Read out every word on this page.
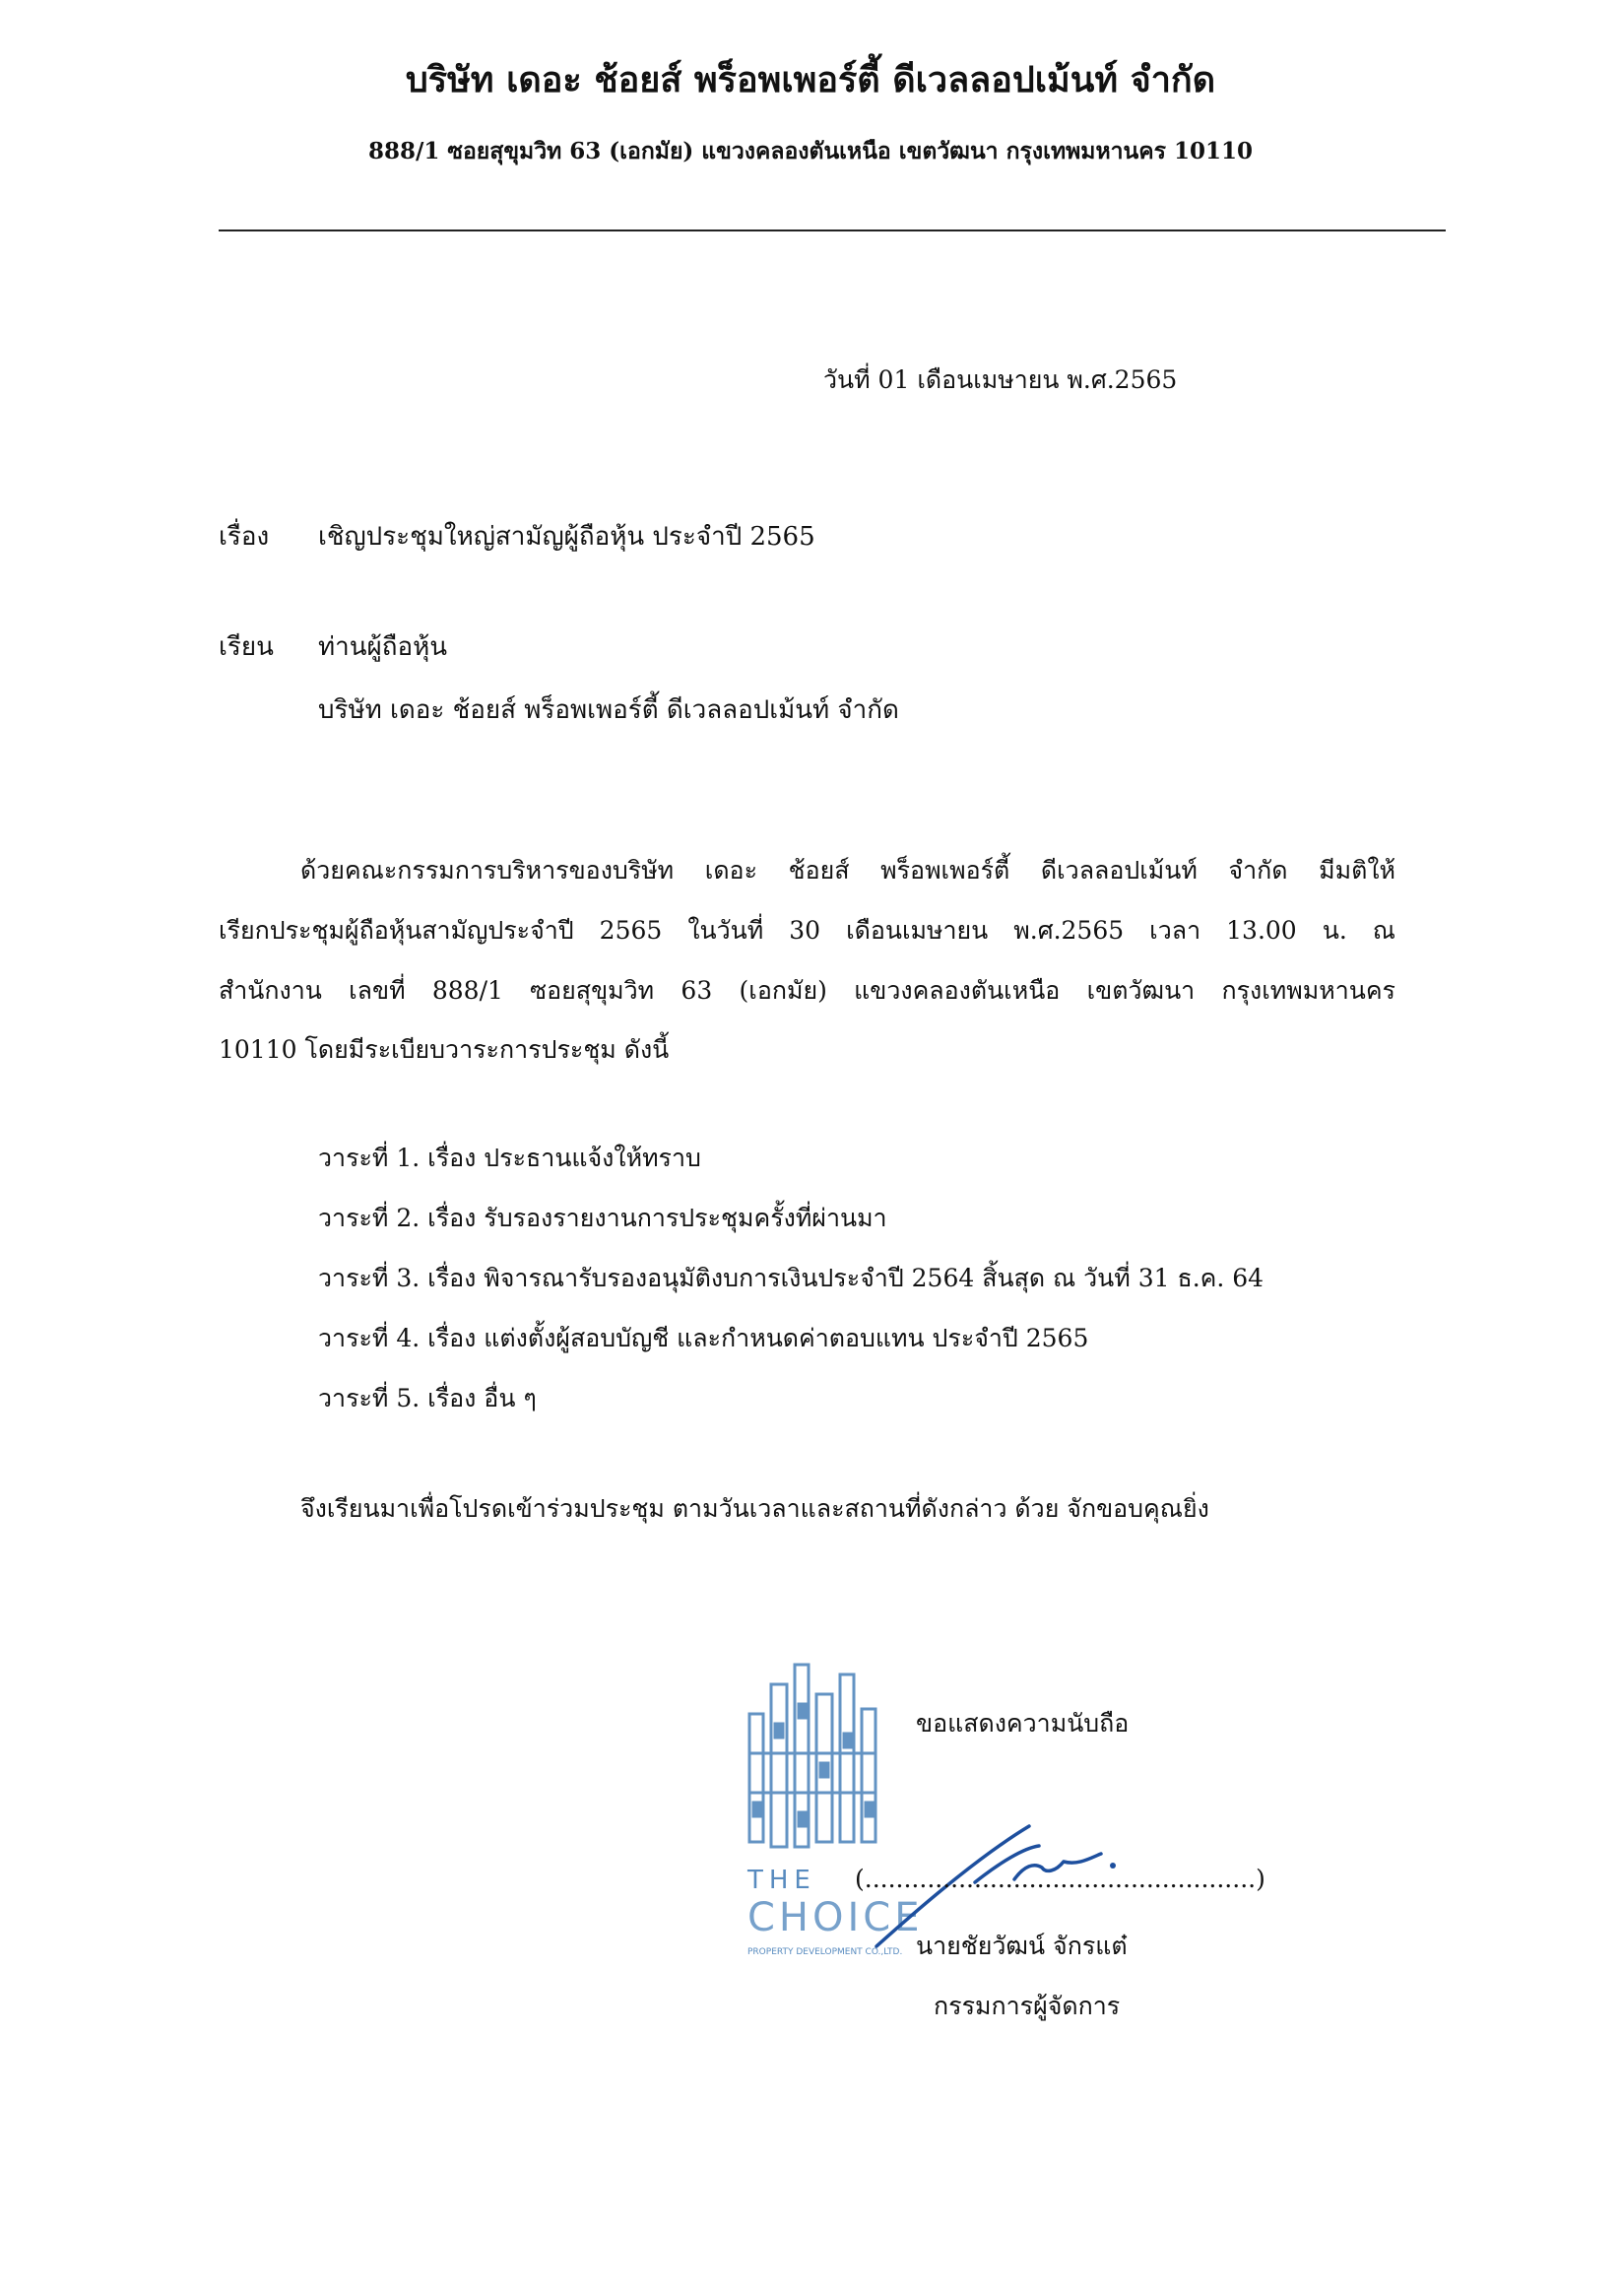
บริษัท เดอะ ช้อยส์ พร็อพเพอร์ตี้ ดีเวลลอปเม้นท์ จำกัด
888/1 ซอยสุขุมวิท 63 (เอกมัย) แขวงคลองตันเหนือ เขตวัฒนา กรุงเทพมหานคร 10110
วันที่ 01 เดือนเมษายน พ.ศ.2565
เรื่อง เชิญประชุมใหญ่สามัญผู้ถือหุ้น ประจำปี 2565
เรียน ท่านผู้ถือหุ้น
บริษัท เดอะ ช้อยส์ พร็อพเพอร์ตี้ ดีเวลลอปเม้นท์ จำกัด
ด้วยคณะกรรมการบริหารของบริษัท เดอะ ช้อยส์ พร็อพเพอร์ตี้ ดีเวลลอปเม้นท์ จำกัด มีมติให้
เรียกประชุมผู้ถือหุ้นสามัญประจำปี 2565 ในวันที่ 30 เดือนเมษายน พ.ศ.2565 เวลา 13.00 น. ณ
สำนักงาน เลขที่ 888/1 ซอยสุขุมวิท 63 (เอกมัย) แขวงคลองตันเหนือ เขตวัฒนา กรุงเทพมหานคร
10110 โดยมีระเบียบวาระการประชุม ดังนี้
วาระที่ 1. เรื่อง ประธานแจ้งให้ทราบ
วาระที่ 2. เรื่อง รับรองรายงานการประชุมครั้งที่ผ่านมา
วาระที่ 3. เรื่อง พิจารณารับรองอนุมัติงบการเงินประจำปี 2564 สิ้นสุด ณ วันที่ 31 ธ.ค. 64
วาระที่ 4. เรื่อง แต่งตั้งผู้สอบบัญชี และกำหนดค่าตอบแทน ประจำปี 2565
วาระที่ 5. เรื่อง อื่น ๆ
จึงเรียนมาเพื่อโปรดเข้าร่วมประชุม ตามวันเวลาและสถานที่ดังกล่าว ด้วย จักขอบคุณยิ่ง
THE
CHOICE
PROPERTY DEVELOPMENT CO.,LTD.
ขอแสดงความนับถือ
(..................................................)
นายชัยวัฒน์ จักรแต๋
กรรมการผู้จัดการ
